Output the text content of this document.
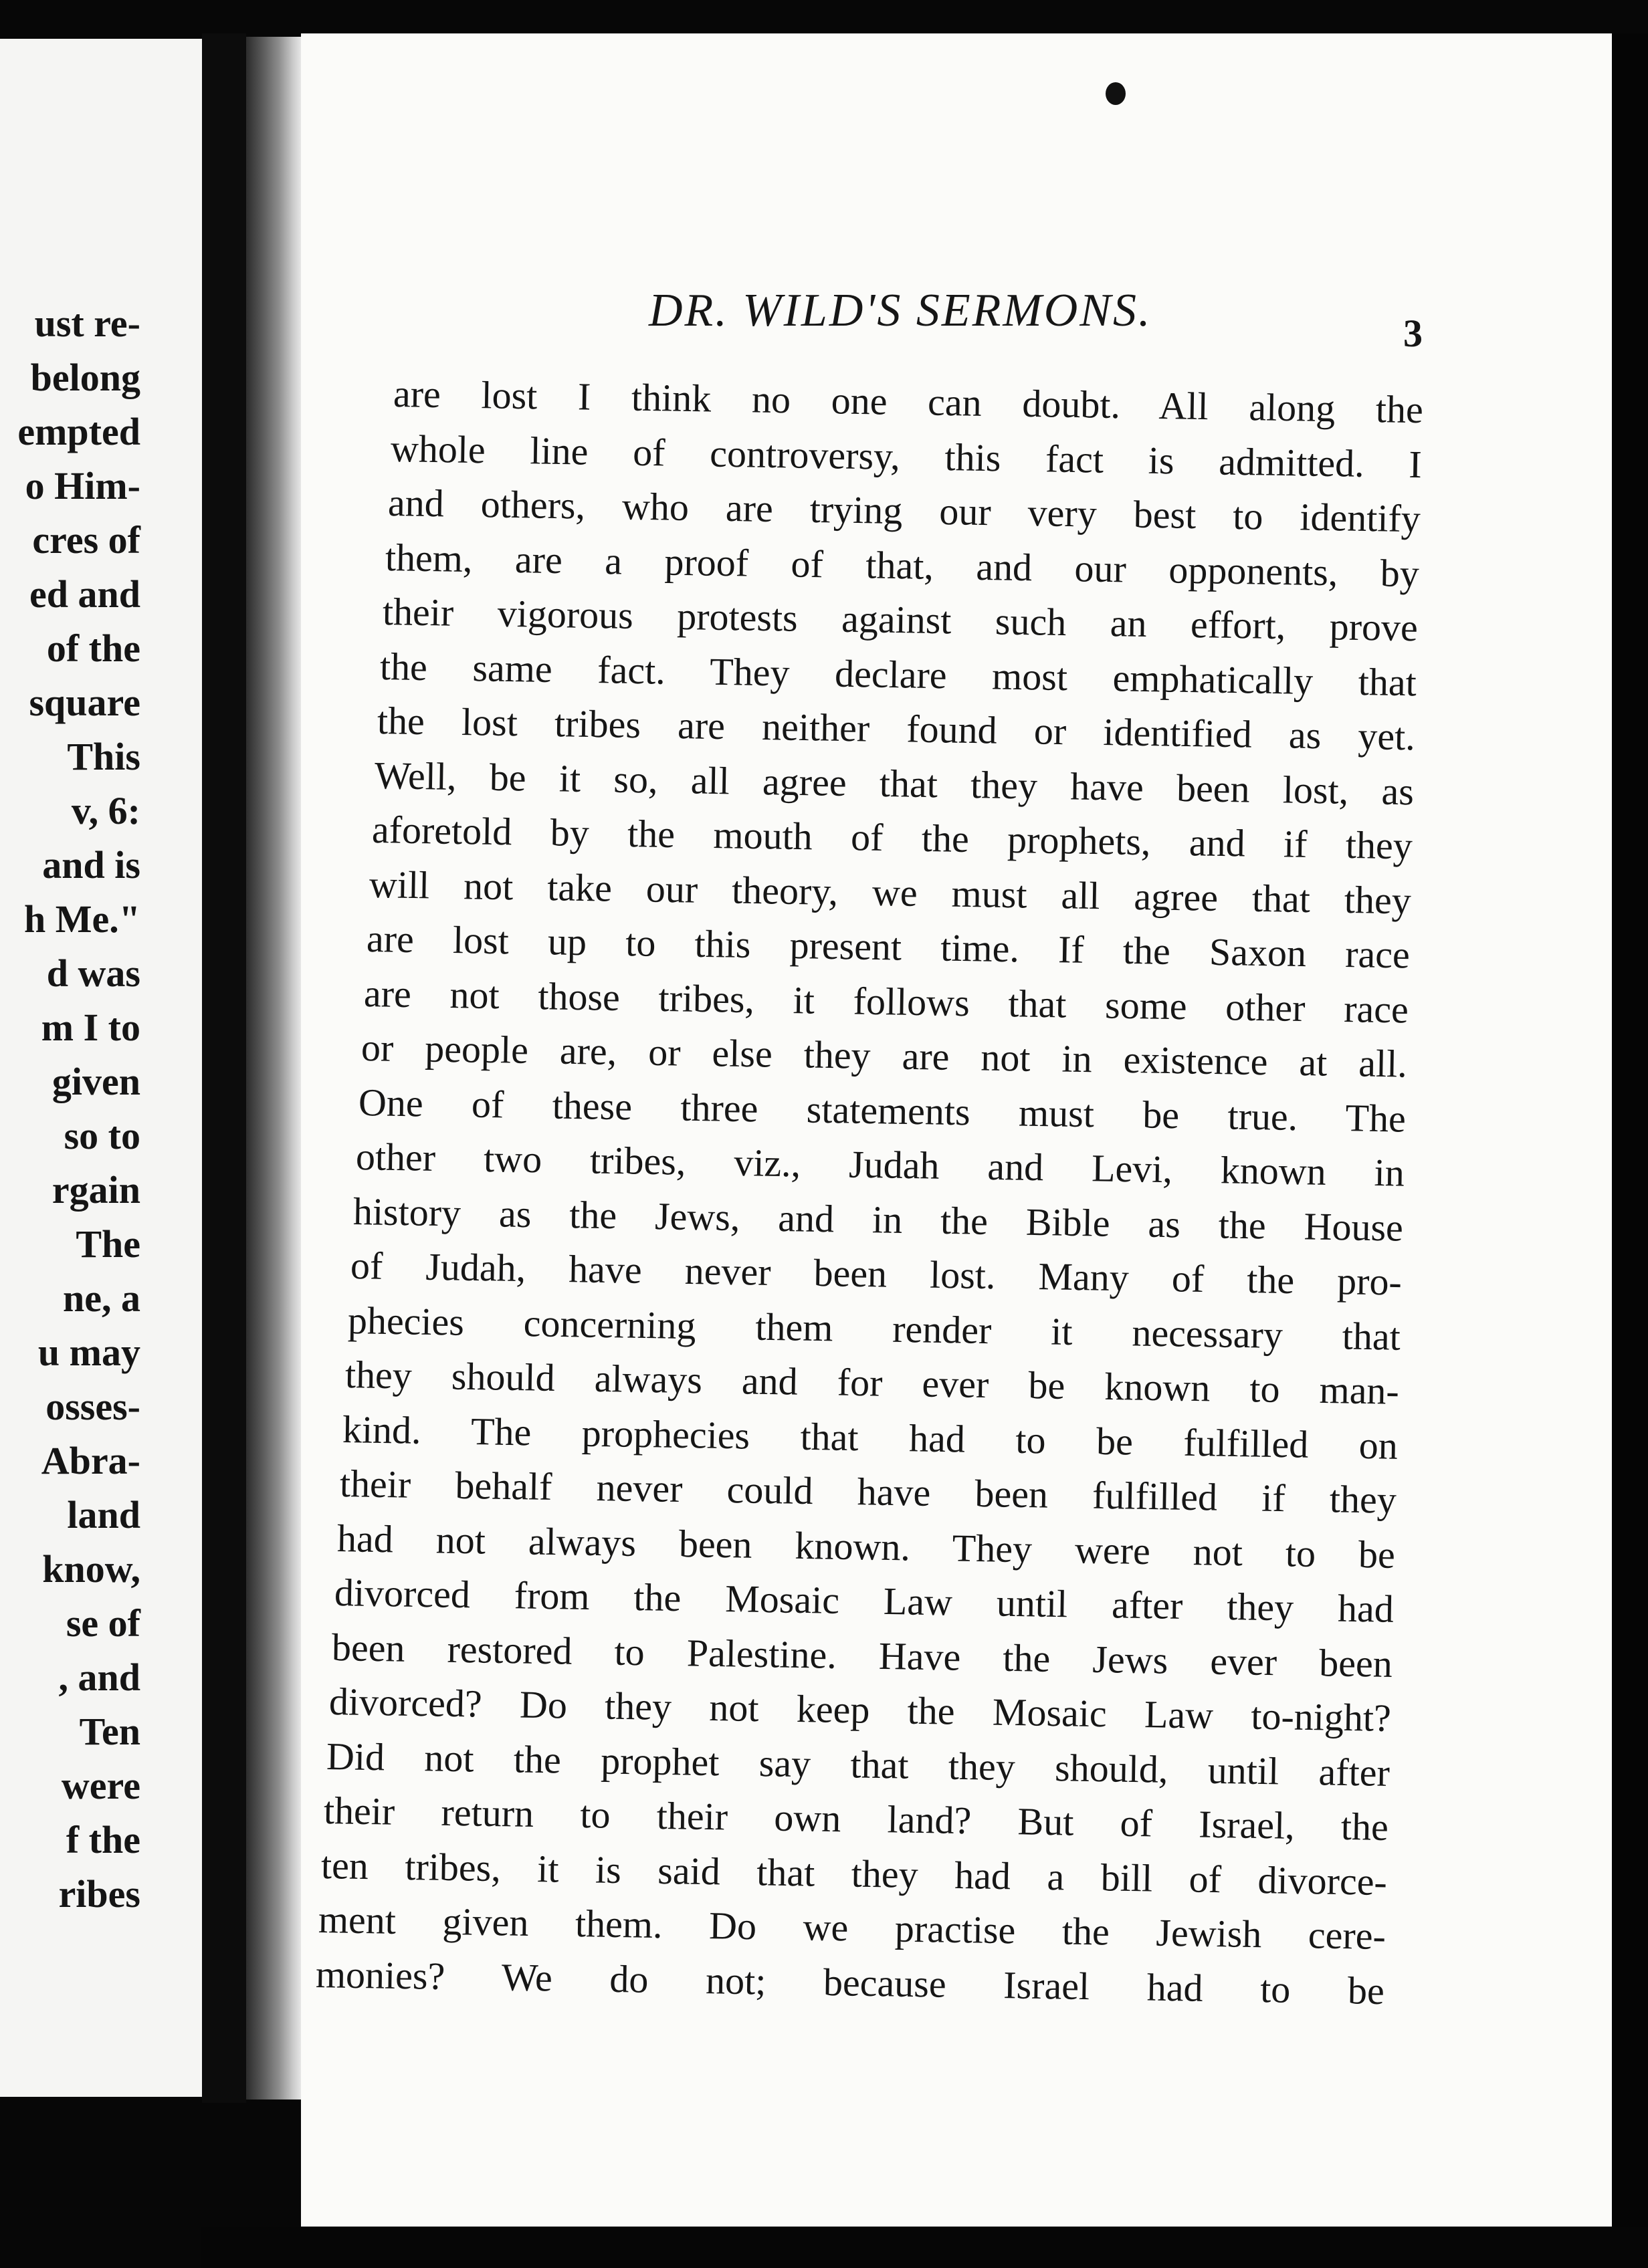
ust re-
belong
empted
o Him-
cres of
ed and
of the
square
This
v, 6:
and is
h Me."
d was
m I to
given
so to
rgain
The
ne, a
u may
osses-
Abra-
land
know,
se of
, and
Ten
were
f the
ribes
DR. WILD'S SERMONS.	3
are lost I think no one can doubt. All along the
whole line of controversy, this fact is admitted. I
and others, who are trying our very best to identify
them, are a proof of that, and our opponents, by
their vigorous protests against such an effort, prove
the same fact. They declare most emphatically that
the lost tribes are neither found or identified as yet.
Well, be it so, all agree that they have been lost, as
aforetold by the mouth of the prophets, and if they
will not take our theory, we must all agree that they
are lost up to this present time. If the Saxon race
are not those tribes, it follows that some other race
or people are, or else they are not in existence at all.
One of these three statements must be true. The
other two tribes, viz., Judah and Levi, known in
history as the Jews, and in the Bible as the House
of Judah, have never been lost. Many of the pro-
phecies concerning them render it necessary that
they should always and for ever be known to man-
kind. The prophecies that had to be fulfilled on
their behalf never could have been fulfilled if they
had not always been known. They were not to be
divorced from the Mosaic Law until after they had
been restored to Palestine. Have the Jews ever been
divorced? Do they not keep the Mosaic Law to-night?
Did not the prophet say that they should, until after
their return to their own land? But of Israel, the
ten tribes, it is said that they had a bill of divorce-
ment given them. Do we practise the Jewish cere-
monies? We do not; because Israel had to be
